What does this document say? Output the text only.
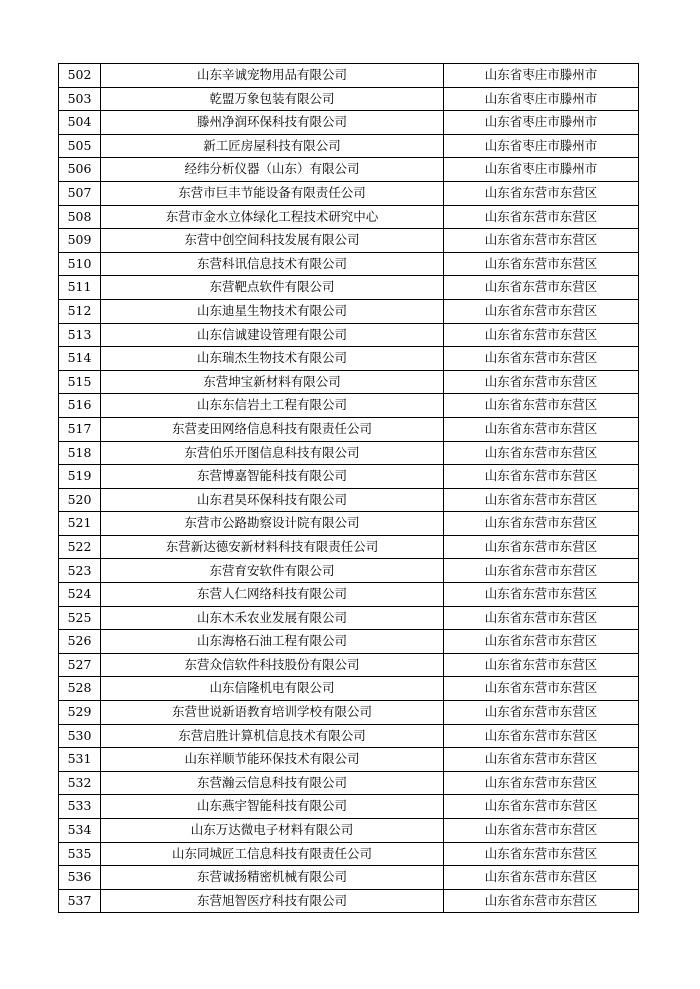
502	山东辛诚宠物用品有限公司	山东省枣庄市滕州市
503	乾盟万象包装有限公司	山东省枣庄市滕州市
504	滕州净润环保科技有限公司	山东省枣庄市滕州市
505	新工匠房屋科技有限公司	山东省枣庄市滕州市
506	经纬分析仪器（山东）有限公司	山东省枣庄市滕州市
507	东营市巨丰节能设备有限责任公司	山东省东营市东营区
508	东营市金水立体绿化工程技术研究中心	山东省东营市东营区
509	东营中创空间科技发展有限公司	山东省东营市东营区
510	东营科讯信息技术有限公司	山东省东营市东营区
511	东营靶点软件有限公司	山东省东营市东营区
512	山东迪星生物技术有限公司	山东省东营市东营区
513	山东信诚建设管理有限公司	山东省东营市东营区
514	山东瑞杰生物技术有限公司	山东省东营市东营区
515	东营坤宝新材料有限公司	山东省东营市东营区
516	山东东信岩土工程有限公司	山东省东营市东营区
517	东营麦田网络信息科技有限责任公司	山东省东营市东营区
518	东营伯乐开图信息科技有限公司	山东省东营市东营区
519	东营博嘉智能科技有限公司	山东省东营市东营区
520	山东君昊环保科技有限公司	山东省东营市东营区
521	东营市公路勘察设计院有限公司	山东省东营市东营区
522	东营新达德安新材料科技有限责任公司	山东省东营市东营区
523	东营育安软件有限公司	山东省东营市东营区
524	东营人仁网络科技有限公司	山东省东营市东营区
525	山东木禾农业发展有限公司	山东省东营市东营区
526	山东海格石油工程有限公司	山东省东营市东营区
527	东营众信软件科技股份有限公司	山东省东营市东营区
528	山东信隆机电有限公司	山东省东营市东营区
529	东营世说新语教育培训学校有限公司	山东省东营市东营区
530	东营启胜计算机信息技术有限公司	山东省东营市东营区
531	山东祥顺节能环保技术有限公司	山东省东营市东营区
532	东营瀚云信息科技有限公司	山东省东营市东营区
533	山东燕宇智能科技有限公司	山东省东营市东营区
534	山东万达微电子材料有限公司	山东省东营市东营区
535	山东同城匠工信息科技有限责任公司	山东省东营市东营区
536	东营诚扬精密机械有限公司	山东省东营市东营区
537	东营旭智医疗科技有限公司	山东省东营市东营区
